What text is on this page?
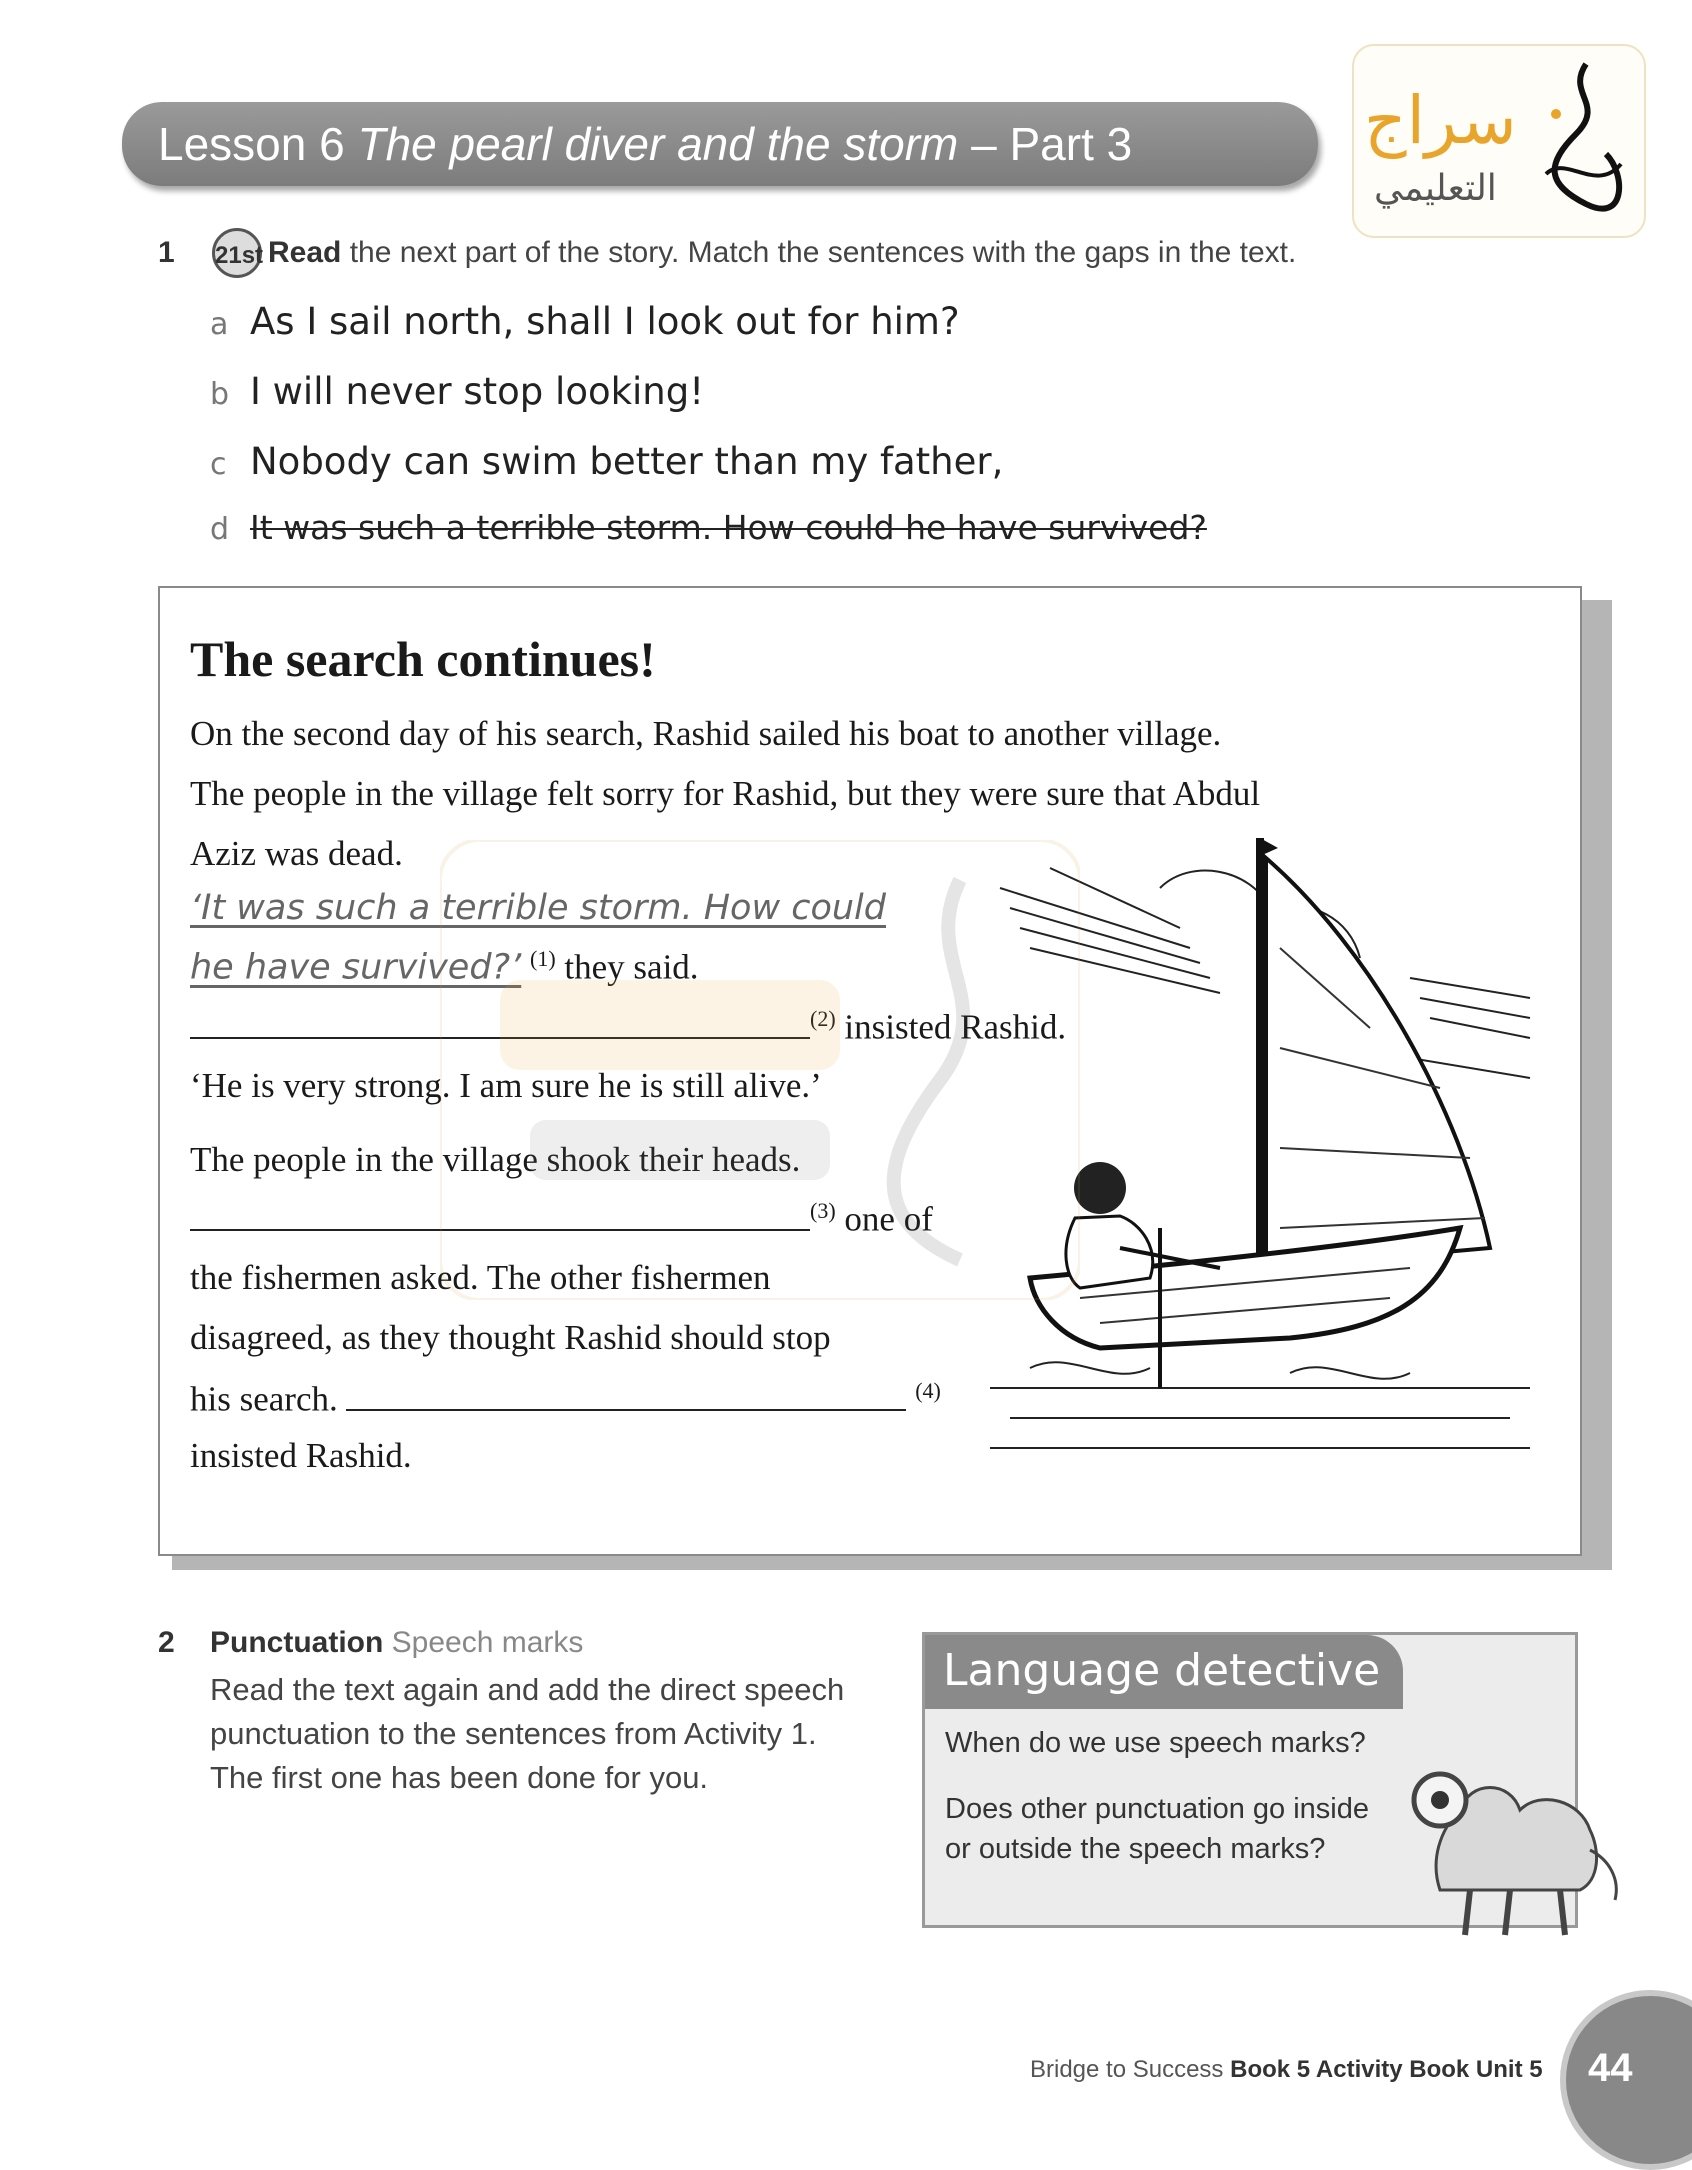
Lesson 6 The pearl diver and the storm – Part 3	سراج
التعليمي
1 21st Read the next part of the story. Match the sentences with the gaps in the text.
a As I sail north, shall I look out for him?
b I will never stop looking!
c Nobody can swim better than my father,
d It was such a terrible storm. How could he have survived?
The search continues!
On the second day of his search, Rashid sailed his boat to another village.
The people in the village felt sorry for Rashid, but they were sure that Abdul
Aziz was dead.
‘It was such a terrible storm. How could
he have survived?’ $^{(1)}$ they said.
$^{(2)}$ insisted Rashid.
‘He is very strong. I am sure he is still alive.’
The people in the village shook their heads.
$^{(3)}$ one of
the fishermen asked. The other fishermen
disagreed, as they thought Rashid should stop
his search.	$^{(4)}$
insisted Rashid.
2 Punctuation Speech marks
Read the text again and add the direct speech punctuation to the sentences from Activity 1. The first one has been done for you.
Language detective
When do we use speech marks?
Does other punctuation go inside or outside the speech marks?
Bridge to Success Book 5 Activity Book Unit 5 44
